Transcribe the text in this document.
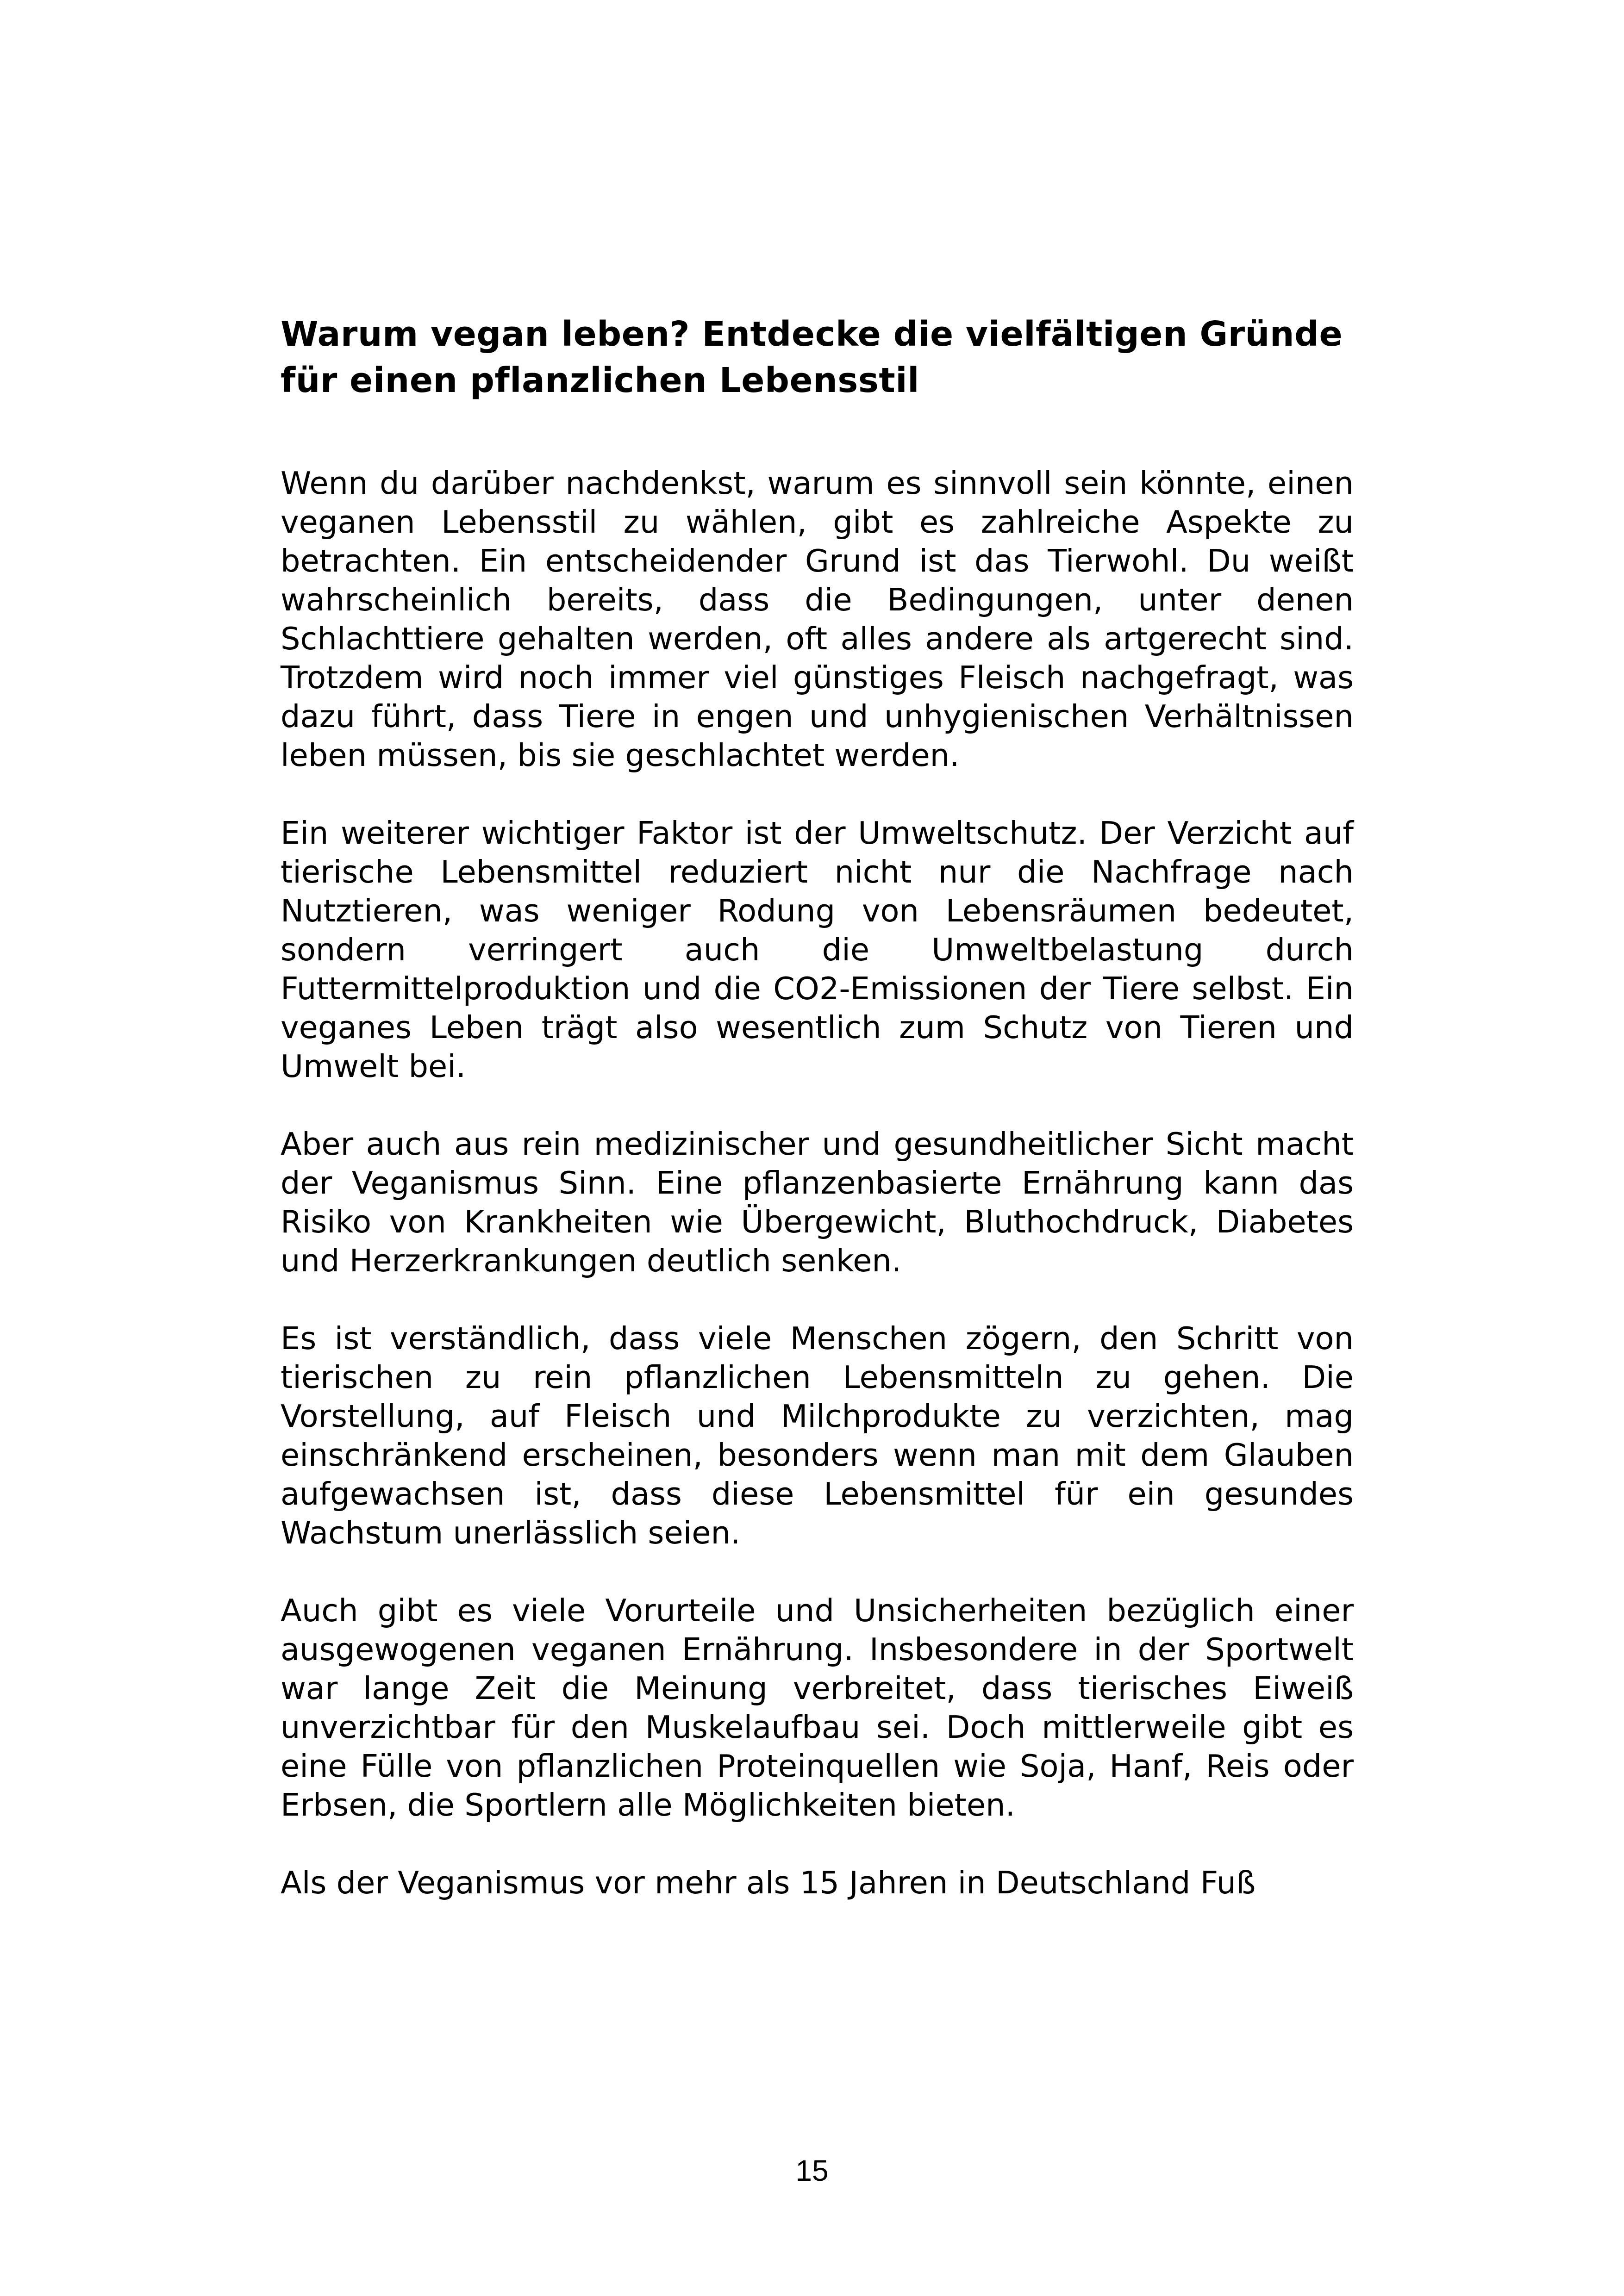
Warum vegan leben? Entdecke die vielfältigen Gründe für einen pflanzlichen Lebensstil

Wenn du darüber nachdenkst, warum es sinnvoll sein könnte, einen veganen Lebensstil zu wählen, gibt es zahlreiche Aspekte zu betrachten. Ein entscheidender Grund ist das Tierwohl. Du weißt wahrscheinlich bereits, dass die Bedingungen, unter denen Schlachttiere gehalten werden, oft alles andere als artgerecht sind. Trotzdem wird noch immer viel günstiges Fleisch nachgefragt, was dazu führt, dass Tiere in engen und unhygienischen Verhältnissen leben müssen, bis sie geschlachtet werden.

Ein weiterer wichtiger Faktor ist der Umweltschutz. Der Verzicht auf tierische Lebensmittel reduziert nicht nur die Nachfrage nach Nutztieren, was weniger Rodung von Lebensräumen bedeutet, sondern verringert auch die Umweltbelastung durch Futtermittelproduktion und die CO2-Emissionen der Tiere selbst. Ein veganes Leben trägt also wesentlich zum Schutz von Tieren und Umwelt bei.

Aber auch aus rein medizinischer und gesundheitlicher Sicht macht der Veganismus Sinn. Eine pflanzenbasierte Ernährung kann das Risiko von Krankheiten wie Übergewicht, Bluthochdruck, Diabetes und Herzerkrankungen deutlich senken.

Es ist verständlich, dass viele Menschen zögern, den Schritt von tierischen zu rein pflanzlichen Lebensmitteln zu gehen. Die Vorstellung, auf Fleisch und Milchprodukte zu verzichten, mag einschränkend erscheinen, besonders wenn man mit dem Glauben aufgewachsen ist, dass diese Lebensmittel für ein gesundes Wachstum unerlässlich seien.

Auch gibt es viele Vorurteile und Unsicherheiten bezüglich einer ausgewogenen veganen Ernährung. Insbesondere in der Sportwelt war lange Zeit die Meinung verbreitet, dass tierisches Eiweiß unverzichtbar für den Muskelaufbau sei. Doch mittlerweile gibt es eine Fülle von pflanzlichen Proteinquellen wie Soja, Hanf, Reis oder Erbsen, die Sportlern alle Möglichkeiten bieten.

Als der Veganismus vor mehr als 15 Jahren in Deutschland Fuß

15
